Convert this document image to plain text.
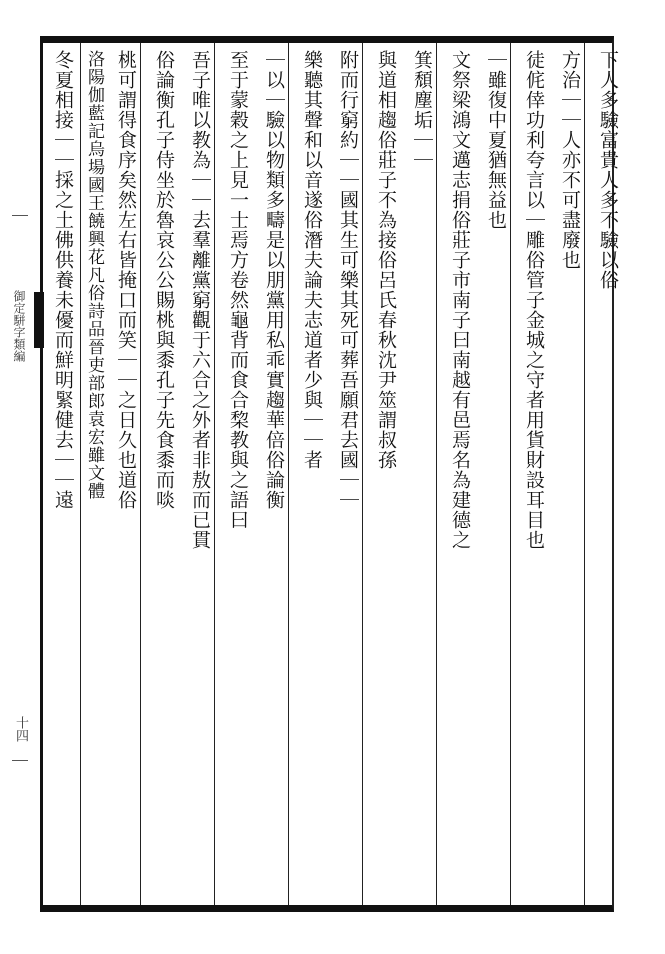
下人多驗富貴人多不驗以俗
方治｜｜人亦不可盡廢也
徒侂倖功利夸言以｜雕俗管子金城之守者用貨財設耳目也
｜雖復中夏猶無益也
文祭梁鴻文邁志捐俗莊子市南子曰南越有邑焉名為建德之
箕頹塵垢｜｜
與道相趨俗莊子不為接俗呂氏春秋沈尹筮謂叔孫
附而行窮約｜｜國其生可樂其死可葬吾願君去國｜｜
樂聽其聲和以音遂俗潛夫論夫志道者少與｜｜者
｜以｜驗以物類多疇是以朋黨用私乖實趨華倍俗論衡
至于蒙穀之上見一士焉方卷然龜背而食合棃教與之語曰
吾子唯以教為｜｜去羣離黨窮觀于六合之外者非敖而已貫
俗論衡孔子侍坐於魯哀公公賜桃與黍孔子先食黍而啖
桃可謂得食序矣然左右皆掩口而笑｜｜之日久也道俗
洛陽伽藍記烏場國王饒興花凡俗詩品晉吏部郎袁宏雖文體
冬夏相接｜｜採之土佛供養未優而鮮明緊健去｜｜遠
御定駢字類編
十四
